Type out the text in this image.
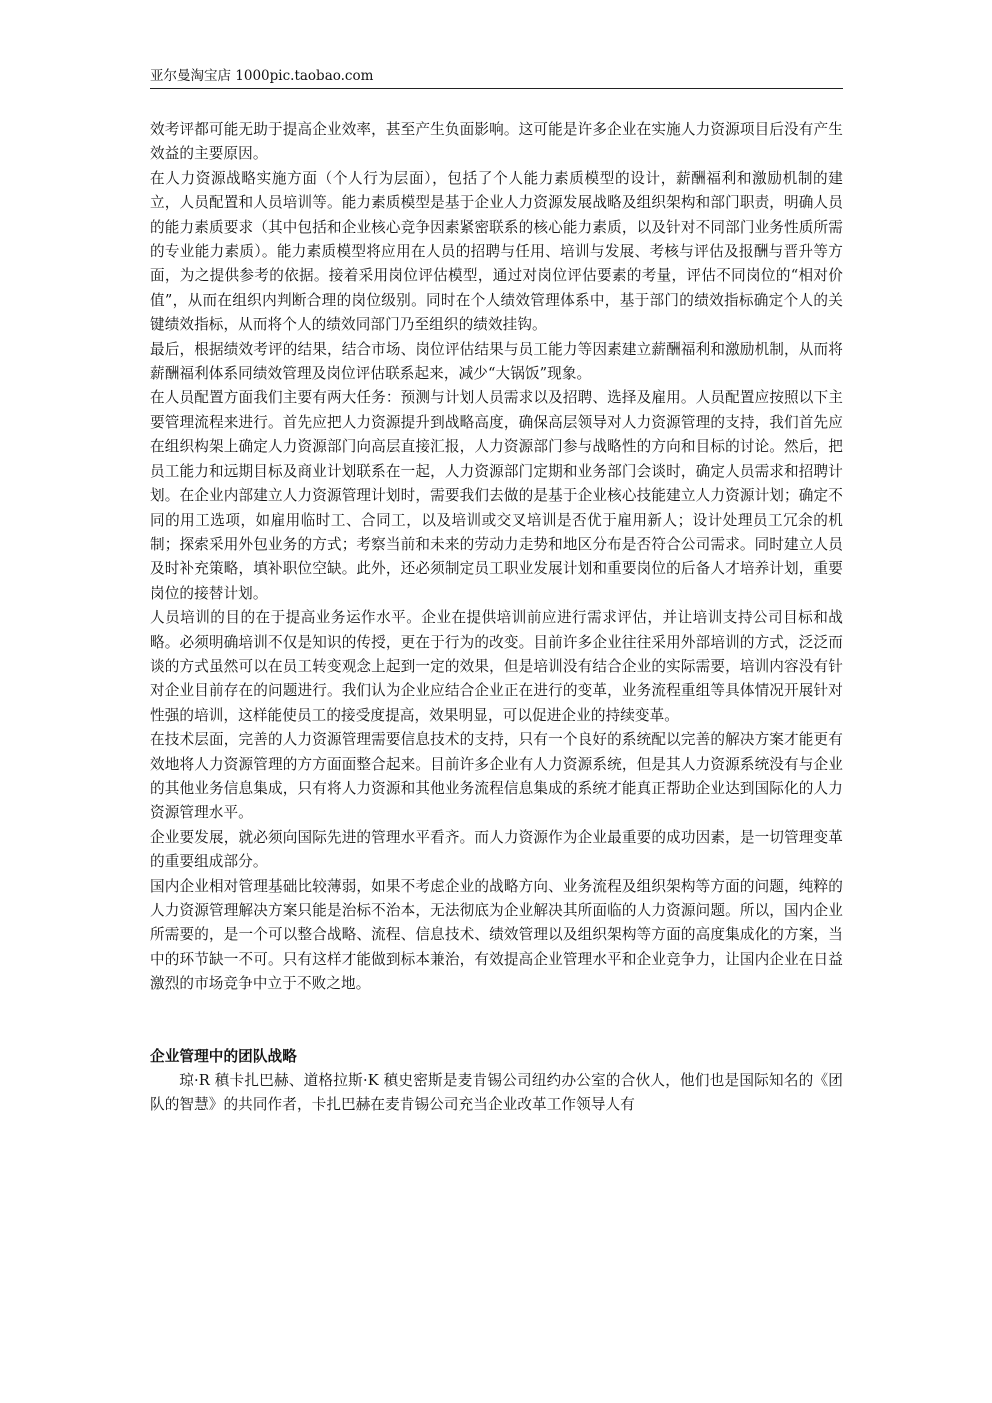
亚尔曼淘宝店 1000pic.taobao.com

效考评都可能无助于提高企业效率，甚至产生负面影响。这可能是许多企业在实施人力资源项目后没有产生效益的主要原因。

在人力资源战略实施方面（个人行为层面），包括了个人能力素质模型的设计，薪酬福利和激励机制的建立，人员配置和人员培训等。能力素质模型是基于企业人力资源发展战略及组织架构和部门职责，明确人员的能力素质要求（其中包括和企业核心竞争因素紧密联系的核心能力素质，以及针对不同部门业务性质所需的专业能力素质）。能力素质模型将应用在人员的招聘与任用、培训与发展、考核与评估及报酬与晋升等方面，为之提供参考的依据。接着采用岗位评估模型，通过对岗位评估要素的考量，评估不同岗位的“相对价值”，从而在组织内判断合理的岗位级别。同时在个人绩效管理体系中，基于部门的绩效指标确定个人的关键绩效指标，从而将个人的绩效同部门乃至组织的绩效挂钩。

最后，根据绩效考评的结果，结合市场、岗位评估结果与员工能力等因素建立薪酬福利和激励机制，从而将薪酬福利体系同绩效管理及岗位评估联系起来，减少“大锅饭”现象。

在人员配置方面我们主要有两大任务：预测与计划人员需求以及招聘、选择及雇用。人员配置应按照以下主要管理流程来进行。首先应把人力资源提升到战略高度，确保高层领导对人力资源管理的支持，我们首先应在组织构架上确定人力资源部门向高层直接汇报，人力资源部门参与战略性的方向和目标的讨论。然后，把员工能力和远期目标及商业计划联系在一起，人力资源部门定期和业务部门会谈时，确定人员需求和招聘计划。在企业内部建立人力资源管理计划时，需要我们去做的是基于企业核心技能建立人力资源计划；确定不同的用工选项，如雇用临时工、合同工，以及培训或交叉培训是否优于雇用新人；设计处理员工冗余的机制；探索采用外包业务的方式；考察当前和未来的劳动力走势和地区分布是否符合公司需求。同时建立人员及时补充策略，填补职位空缺。此外，还必须制定员工职业发展计划和重要岗位的后备人才培养计划，重要岗位的接替计划。

人员培训的目的在于提高业务运作水平。企业在提供培训前应进行需求评估，并让培训支持公司目标和战略。必须明确培训不仅是知识的传授，更在于行为的改变。目前许多企业往往采用外部培训的方式，泛泛而谈的方式虽然可以在员工转变观念上起到一定的效果，但是培训没有结合企业的实际需要，培训内容没有针对企业目前存在的问题进行。我们认为企业应结合企业正在进行的变革，业务流程重组等具体情况开展针对性强的培训，这样能使员工的接受度提高，效果明显，可以促进企业的持续变革。

在技术层面，完善的人力资源管理需要信息技术的支持，只有一个良好的系统配以完善的解决方案才能更有效地将人力资源管理的方方面面整合起来。目前许多企业有人力资源系统，但是其人力资源系统没有与企业的其他业务信息集成，只有将人力资源和其他业务流程信息集成的系统才能真正帮助企业达到国际化的人力资源管理水平。

企业要发展，就必须向国际先进的管理水平看齐。而人力资源作为企业最重要的成功因素，是一切管理变革的重要组成部分。

国内企业相对管理基础比较薄弱，如果不考虑企业的战略方向、业务流程及组织架构等方面的问题，纯粹的人力资源管理解决方案只能是治标不治本，无法彻底为企业解决其所面临的人力资源问题。所以，国内企业所需要的，是一个可以整合战略、流程、信息技术、绩效管理以及组织架构等方面的高度集成化的方案，当中的环节缺一不可。只有这样才能做到标本兼治，有效提高企业管理水平和企业竞争力，让国内企业在日益激烈的市场竞争中立于不败之地。

企业管理中的团队战略

琼·R 稹卡扎巴赫、道格拉斯·K 稹史密斯是麦肯锡公司纽约办公室的合伙人，他们也是国际知名的《团队的智慧》的共同作者，卡扎巴赫在麦肯锡公司充当企业改革工作领导人有
